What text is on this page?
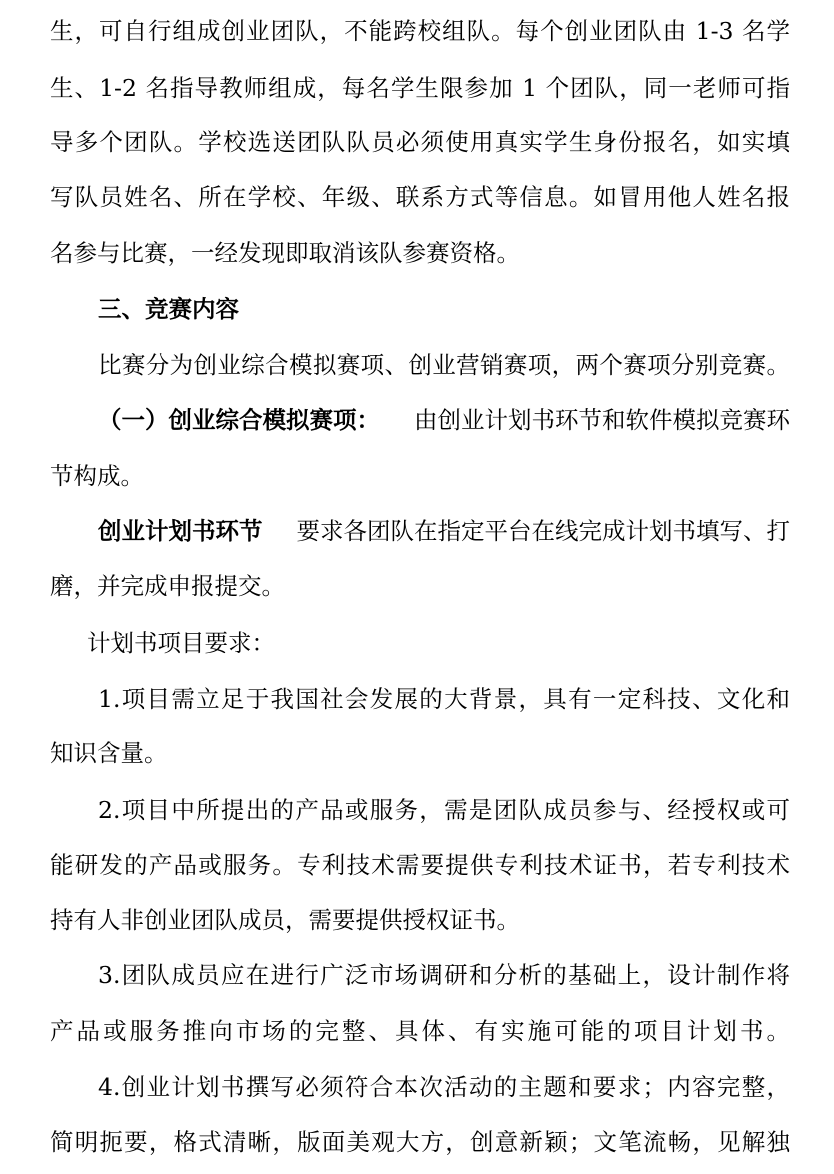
生，可自行组成创业团队，不能跨校组队。每个创业团队由 1-3 名学
生、1-2 名指导教师组成，每名学生限参加 1 个团队，同一老师可指
导多个团队。学校选送团队队员必须使用真实学生身份报名，如实填
写队员姓名、所在学校、年级、联系方式等信息。如冒用他人姓名报
名参与比赛，一经发现即取消该队参赛资格。
三、竞赛内容
比赛分为创业综合模拟赛项、创业营销赛项，两个赛项分别竞赛。
（一）创业综合模拟赛项： 由创业计划书环节和软件模拟竞赛环
节构成。
创业计划书环节 要求各团队在指定平台在线完成计划书填写、打
磨，并完成申报提交。
计划书项目要求：
1.项目需立足于我国社会发展的大背景，具有一定科技、文化和
知识含量。
2.项目中所提出的产品或服务，需是团队成员参与、经授权或可
能研发的产品或服务。专利技术需要提供专利技术证书，若专利技术
持有人非创业团队成员，需要提供授权证书。
3.团队成员应在进行广泛市场调研和分析的基础上，设计制作将
产品或服务推向市场的完整、具体、有实施可能的项目计划书。
4.创业计划书撰写必须符合本次活动的主题和要求；内容完整，
简明扼要，格式清晰，版面美观大方，创意新颖；文笔流畅，见解独
